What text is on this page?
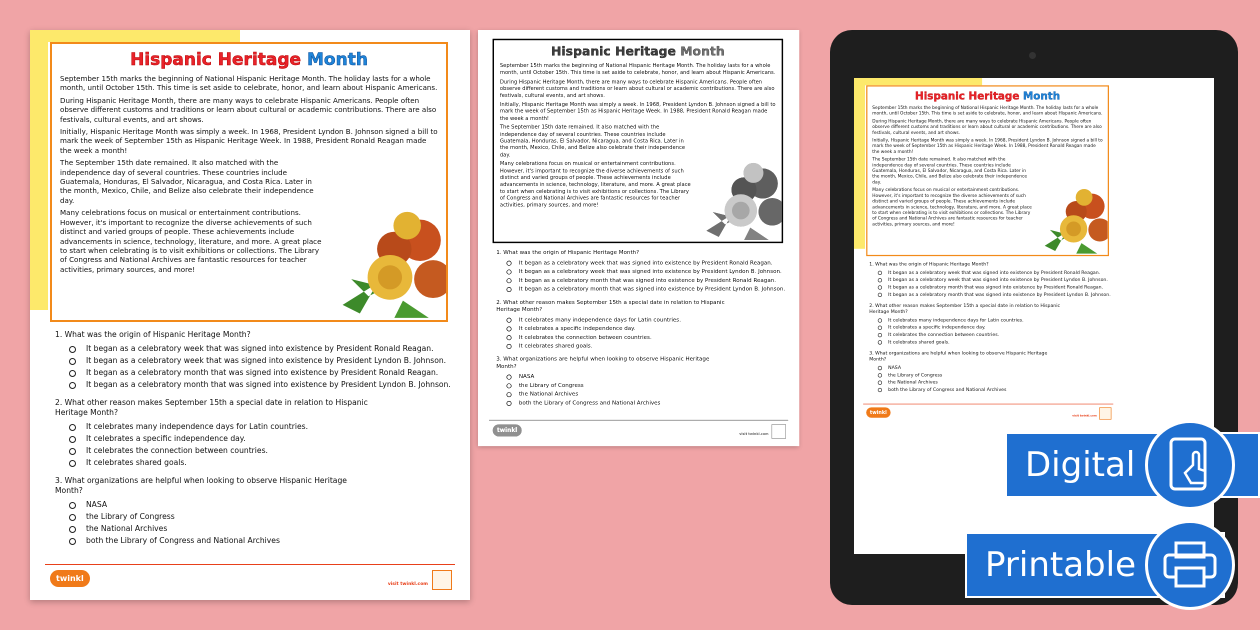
Hispanic Heritage Month

September 15th marks the beginning of National Hispanic Heritage Month. The holiday lasts for a whole month, until October 15th. This time is set aside to celebrate, honor, and learn about Hispanic Americans.

During Hispanic Heritage Month, there are many ways to celebrate Hispanic Americans. People often observe different customs and traditions or learn about cultural or academic contributions. There are also festivals, cultural events, and art shows.

Initially, Hispanic Heritage Month was simply a week. In 1968, President Lyndon B. Johnson signed a bill to mark the week of September 15th as Hispanic Heritage Week. In 1988, President Ronald Reagan made the week a month!

The September 15th date remained. It also matched with the independence day of several countries. These countries include Guatemala, Honduras, El Salvador, Nicaragua, and Costa Rica. Later in the month, Mexico, Chile, and Belize also celebrate their independence day.

Many celebrations focus on musical or entertainment contributions. However, it's important to recognize the diverse achievements of such distinct and varied groups of people. These achievements include advancements in science, technology, literature, and more. A great place to start when celebrating is to visit exhibitions or collections. The Library of Congress and National Archives are fantastic resources for teacher activities, primary sources, and more!

1. What was the origin of Hispanic Heritage Month?
It began as a celebratory week that was signed into existence by President Ronald Reagan.
It began as a celebratory week that was signed into existence by President Lyndon B. Johnson.
It began as a celebratory month that was signed into existence by President Ronald Reagan.
It began as a celebratory month that was signed into existence by President Lyndon B. Johnson.
2. What other reason makes September 15th a special date in relation to Hispanic Heritage Month?
It celebrates many independence days for Latin countries.
It celebrates a specific independence day.
It celebrates the connection between countries.
It celebrates shared goals.
3. What organizations are helpful when looking to observe Hispanic Heritage Month?
NASA
the Library of Congress
the National Archives
both the Library of Congress and National Archives
twinkl
visit twinkl.com
Hispanic Heritage Month

September 15th marks the beginning of National Hispanic Heritage Month. The holiday lasts for a whole month, until October 15th. This time is set aside to celebrate, honor, and learn about Hispanic Americans.

During Hispanic Heritage Month, there are many ways to celebrate Hispanic Americans. People often observe different customs and traditions or learn about cultural or academic contributions. There are also festivals, cultural events, and art shows.

Initially, Hispanic Heritage Month was simply a week. In 1968, President Lyndon B. Johnson signed a bill to mark the week of September 15th as Hispanic Heritage Week. In 1988, President Ronald Reagan made the week a month!

The September 15th date remained. It also matched with the independence day of several countries. These countries include Guatemala, Honduras, El Salvador, Nicaragua, and Costa Rica. Later in the month, Mexico, Chile, and Belize also celebrate their independence day.

Many celebrations focus on musical or entertainment contributions. However, it's important to recognize the diverse achievements of such distinct and varied groups of people. These achievements include advancements in science, technology, literature, and more. A great place to start when celebrating is to visit exhibitions or collections. The Library of Congress and National Archives are fantastic resources for teacher activities, primary sources, and more!

1. What was the origin of Hispanic Heritage Month?
It began as a celebratory week that was signed into existence by President Ronald Reagan.
It began as a celebratory week that was signed into existence by President Lyndon B. Johnson.
It began as a celebratory month that was signed into existence by President Ronald Reagan.
It began as a celebratory month that was signed into existence by President Lyndon B. Johnson.
2. What other reason makes September 15th a special date in relation to Hispanic Heritage Month?
It celebrates many independence days for Latin countries.
It celebrates a specific independence day.
It celebrates the connection between countries.
It celebrates shared goals.
3. What organizations are helpful when looking to observe Hispanic Heritage Month?
NASA
the Library of Congress
the National Archives
both the Library of Congress and National Archives
twinkl
visit twinkl.com
Hispanic Heritage Month

September 15th marks the beginning of National Hispanic Heritage Month. The holiday lasts for a whole month, until October 15th. This time is set aside to celebrate, honor, and learn about Hispanic Americans.

During Hispanic Heritage Month, there are many ways to celebrate Hispanic Americans. People often observe different customs and traditions or learn about cultural or academic contributions. There are also festivals, cultural events, and art shows.

Initially, Hispanic Heritage Month was simply a week. In 1968, President Lyndon B. Johnson signed a bill to mark the week of September 15th as Hispanic Heritage Week. In 1988, President Ronald Reagan made the week a month!

The September 15th date remained. It also matched with the independence day of several countries. These countries include Guatemala, Honduras, El Salvador, Nicaragua, and Costa Rica. Later in the month, Mexico, Chile, and Belize also celebrate their independence day.

Many celebrations focus on musical or entertainment contributions. However, it's important to recognize the diverse achievements of such distinct and varied groups of people. These achievements include advancements in science, technology, literature, and more. A great place to start when celebrating is to visit exhibitions or collections. The Library of Congress and National Archives are fantastic resources for teacher activities, primary sources, and more!

1. What was the origin of Hispanic Heritage Month?
It began as a celebratory week that was signed into existence by President Ronald Reagan.
It began as a celebratory week that was signed into existence by President Lyndon B. Johnson.
It began as a celebratory month that was signed into existence by President Ronald Reagan.
It began as a celebratory month that was signed into existence by President Lyndon B. Johnson.
2. What other reason makes September 15th a special date in relation to Hispanic Heritage Month?
It celebrates many independence days for Latin countries.
It celebrates a specific independence day.
It celebrates the connection between countries.
It celebrates shared goals.
3. What organizations are helpful when looking to observe Hispanic Heritage Month?
NASA
the Library of Congress
the National Archives
both the Library of Congress and National Archives
twinkl
visit twinkl.com
Digital
Printable
